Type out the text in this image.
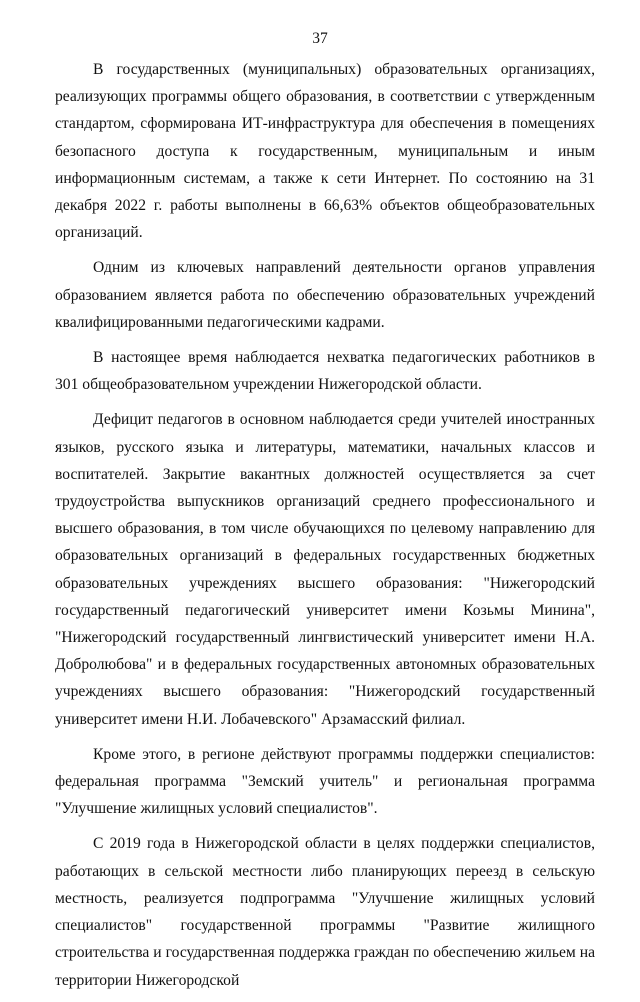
37

В государственных (муниципальных) образовательных организациях, реализующих программы общего образования, в соответствии с утвержденным стандартом, сформирована ИТ-инфраструктура для обеспечения в помещениях безопасного доступа к государственным, муниципальным и иным информационным системам, а также к сети Интернет. По состоянию на 31 декабря 2022 г. работы выполнены в 66,63% объектов общеобразовательных организаций.

Одним из ключевых направлений деятельности органов управления образованием является работа по обеспечению образовательных учреждений квалифицированными педагогическими кадрами.

В настоящее время наблюдается нехватка педагогических работников в 301 общеобразовательном учреждении Нижегородской области.

Дефицит педагогов в основном наблюдается среди учителей иностранных языков, русского языка и литературы, математики, начальных классов и воспитателей. Закрытие вакантных должностей осуществляется за счет трудоустройства выпускников организаций среднего профессионального и высшего образования, в том числе обучающихся по целевому направлению для образовательных организаций в федеральных государственных бюджетных образовательных учреждениях высшего образования: "Нижегородский государственный педагогический университет имени Козьмы Минина", "Нижегородский государственный лингвистический университет имени Н.А. Добролюбова" и в федеральных государственных автономных образовательных учреждениях высшего образования: "Нижегородский государственный университет имени Н.И. Лобачевского" Арзамасский филиал.

Кроме этого, в регионе действуют программы поддержки специалистов: федеральная программа "Земский учитель" и региональная программа "Улучшение жилищных условий специалистов".

С 2019 года в Нижегородской области в целях поддержки специалистов, работающих в сельской местности либо планирующих переезд в сельскую местность, реализуется подпрограмма "Улучшение жилищных условий специалистов" государственной программы "Развитие жилищного строительства и государственная поддержка граждан по обеспечению жильем на территории Нижегородской
